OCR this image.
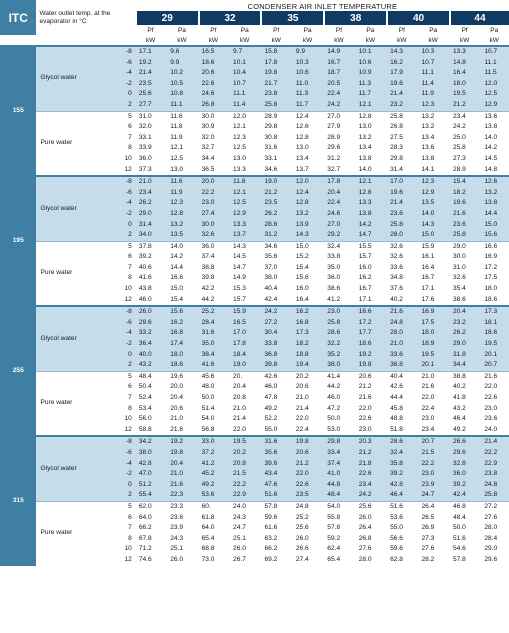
ITC	Water outlet temp. at the evaporator in °C		CONDENSER AIR INLET TEMPERATURE											
			29		32		35		38		40		44	
			Pf	Pa	Pf	Pa	Pf	Pa	Pf	Pa	Pf	Pa	Pf	Pa
			kW	kW	kW	kW	kW	kW	kW	kW	kW	kW	kW	kW

155	Glycol water	-8	17.1	9.6	16.5	9.7	15.8	9.9	14.9	10.1	14.3	10.3	13.3	10.7
		-6	19.2	9.9	18.6	10.1	17.8	10.3	16.7	10.6	16.2	10.7	14.8	11.1
		-4	21.4	10.2	20.6	10.4	19.8	10.6	18.7	10.9	17.9	11.1	16.4	11.5
		-2	23.5	10.5	22.6	10.7	21.7	11.0	20.5	11.3	19.6	11.4	18.0	12.0
		0	25.6	10.8	24.6	11.1	23.8	11.3	22.4	11.7	21.4	11.9	19.5	12.5
		2	27.7	11.1	26.8	11.4	25.8	11.7	24.2	12.1	23.2	12.3	21.2	12.9
	Pure water	5	31.0	11.6	30.0	12.0	28.9	12.4	27.0	12.8	25.8	13.2	23.4	13.6
		6	32.0	11.8	30.9	12.1	29.8	12.6	27.9	13.0	26.8	13.2	24.2	13.8
		7	33.1	11.9	32.0	12.3	30.8	12.8	28.9	13.2	27.5	13.4	25.0	14.0
		8	33.9	12.1	32.7	12.5	31.6	13.0	29.6	13.4	28.3	13.6	25.8	14.2
		10	36.0	12.5	34.4	13.0	33.1	13.4	31.2	13.8	29.8	13.8	27.3	14.5
		12	37.3	13.0	36.5	13.3	34.6	13.7	32.7	14.0	31.4	14.1	28.9	14.8

195	Glycol water	-8	21.0	11.6	20.0	11.8	19.0	12.0	17.8	12.1	17.0	12.3	15.4	12.6
		-6	23.4	11.9	22.2	12.1	21.2	12.4	20.4	12.8	19.6	12.9	18.2	13.2
		-4	26.2	12.3	23.0	12.5	23.5	12.8	22.4	13.3	21.4	13.5	19.6	13.8
		-2	29.0	12.8	27.4	12.9	26.2	13.2	24.6	13.8	23.6	14.0	21.6	14.4
		0	31.4	13.2	30.0	13.3	28.6	13.9	27.0	14.2	25.8	14.3	23.6	15.0
		2	34.0	13.5	32.6	13.7	31.2	14.3	29.2	14.7	28.0	15.0	25.8	15.6
	Pure water	5	37.8	14.0	36.0	14.3	34.6	15.0	32.4	15.5	32.6	15.9	29.0	16.6
		6	39.2	14.2	37.4	14.5	35.6	15.2	33.8	15.7	32.6	16.1	30.0	16.9
		7	40.6	14.4	38.8	14.7	37.0	15.4	35.0	16.0	33.6	16.4	31.0	17.2
		8	41.6	16.6	39.8	14.9	38.0	15.6	36.0	16.2	34.8	16.7	32.6	17.5
		10	43.8	15.0	42.2	15.3	40.4	16.0	38.6	16.7	37.6	17.1	35.4	18.0
		12	46.0	15.4	44.2	15.7	42.4	16.4	41.2	17.1	40.2	17.6	38.6	18.6

255	Glycol water	-8	26.0	15.6	25.2	15.9	24.2	16.2	23.0	16.6	21.6	16.9	20.4	17.3
		-6	29.6	16.2	28.4	16.5	27.2	16.8	25.8	17.2	24.8	17.5	23.2	18.1
		-4	33.2	16.8	31.6	17.0	30.4	17.3	28.6	17.7	28.0	18.0	26.2	18.6
		-2	36.4	17.4	35.0	17.8	33.8	18.2	32.2	18.6	21.0	18.9	29.0	19.5
		0	40.0	18.0	38.4	18.4	36.8	18.8	35.2	19.2	33.6	19.5	31.8	20.1
		2	43.2	18.6	41.6	19.0	39.8	19.4	38.0	19.8	36.8	20.1	34.4	20.7
	Pure water	5	48.4	19.6	45.6	20.	42.6	20.2	41.4	20.6	40.4	21.0	38.8	21.6
		6	50.4	20.0	48.0	20.4	46.0	20.6	44.2	21.2	42.6	21.6	40.2	22.0
		7	52.4	20.4	50.0	20.8	47.8	21.0	46.0	21.6	44.4	22.0	41.8	22.6
		8	53.4	20.6	51.4	21.0	49.2	21.4	47.2	22.0	45.8	22.4	43.2	23.0
		10	56.0	21.0	54.0	21.4	52.2	22.0	50.0	22.6	48.8	23.0	46.4	23.6
		12	58.8	21.6	56.8	22.0	55.0	22.4	53.0	23.0	51.8	23.4	49.2	24.0

315	Glycol water	-8	34.2	19.2	33.0	19.5	31.6	19.8	29.8	20.3	28.6	20.7	26.6	21.4
		-6	38.0	19.8	37.2	20.2	35.6	20.6	33.4	21.2	32.4	21.5	29.6	22.2
		-4	42.8	20.4	41.2	20.8	39.6	21.2	37.4	21.8	35.8	22.2	32.8	22.9
		-2	47.0	21.0	45.2	21.5	43.4	22.0	41.0	22.6	39.2	23.0	36.0	23.8
		0	51.2	21.6	49.2	22.2	47.6	22.6	44.8	23.4	42.8	23.9	39.2	24.8
		2	55.4	22.3	53.6	22.9	51.6	23.5	48.4	24.2	46.4	24.7	42.4	25.8
	Pure water	5	62.0	23.3	60.	24.0	57.8	24.8	54.0	25.6	51.6	26.4	46.8	27.2
		6	64.0	23.6	61.8	24.3	59.6	25.2	55.8	26.0	53.6	26.5	48.4	27.6
		7	66.2	23.9	64.0	24.7	61.6	25.6	57.8	26.4	55.0	26.9	50.0	28.0
		8	67.8	24.3	65.4	25.1	63.2	26.0	59.2	26.8	56.6	27.3	51.6	28.4
		10	71.2	25.1	68.8	26.0	66.2	26.6	62.4	27.6	59.6	27.6	54.6	29.0
		12	74.6	26.0	73.0	26.7	69.2	27.4	65.4	28.0	62.8	28.2	57.8	29.6
